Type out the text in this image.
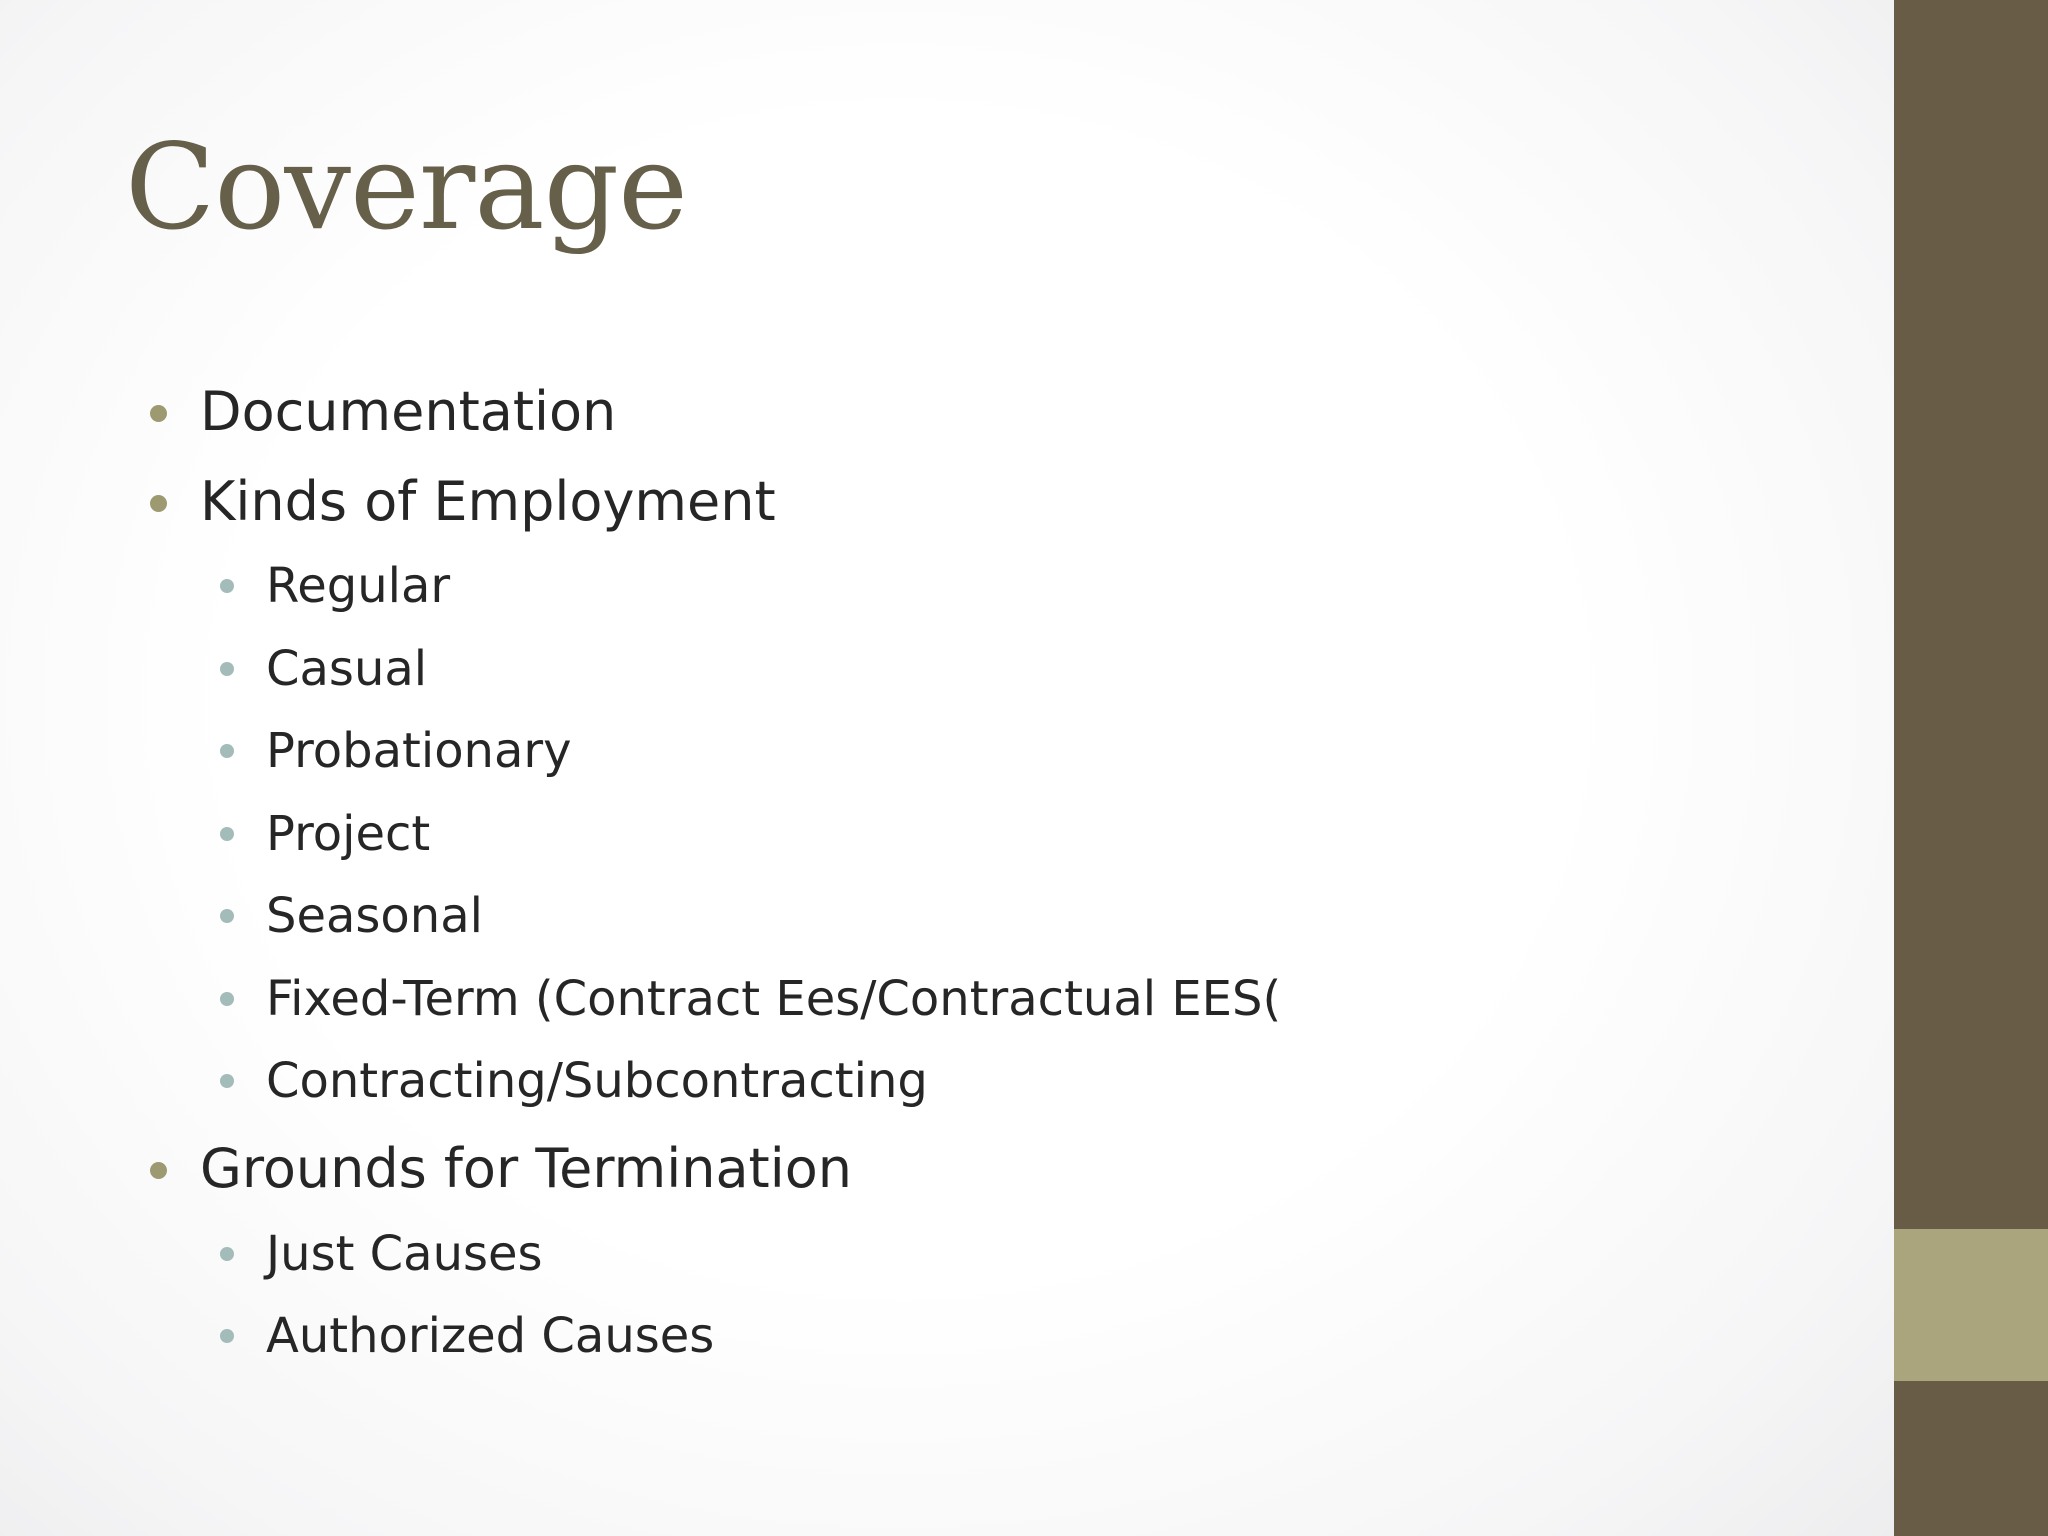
Coverage
Documentation
Kinds of Employment
Regular
Casual
Probationary
Project
Seasonal
Fixed-Term (Contract Ees/Contractual EES(
Contracting/Subcontracting
Grounds for Termination
Just Causes
Authorized Causes
